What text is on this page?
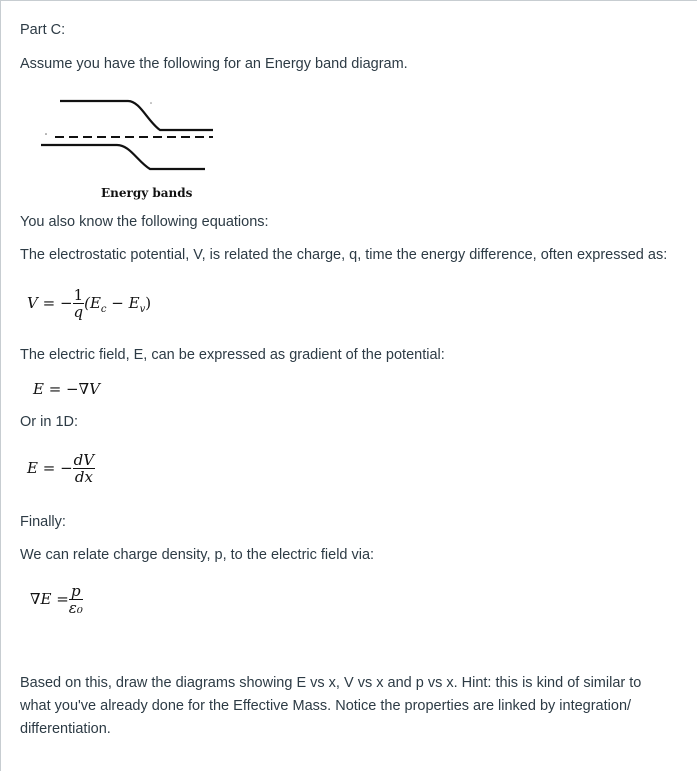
Part C:
Assume you have the following for an Energy band diagram.
Energy bands
You also know the following equations:
The electrostatic potential, V, is related the charge, q, time the energy difference, often expressed as:
V = − $\frac{1}{q} (E_c - E_v)$
The electric field, E, can be expressed as gradient of the potential:
E = −∇V
Or in 1D:
E = − $\frac{dV}{dx}$
Finally:
We can relate charge density, p, to the electric field via:
$\nabla E = \frac{p}{\text{ε₀}}$
Based on this, draw the diagrams showing E vs x, V vs x and p vs x. Hint: this is kind of similar to what you've already done for the Effective Mass. Notice the properties are linked by integration/ differentiation.
